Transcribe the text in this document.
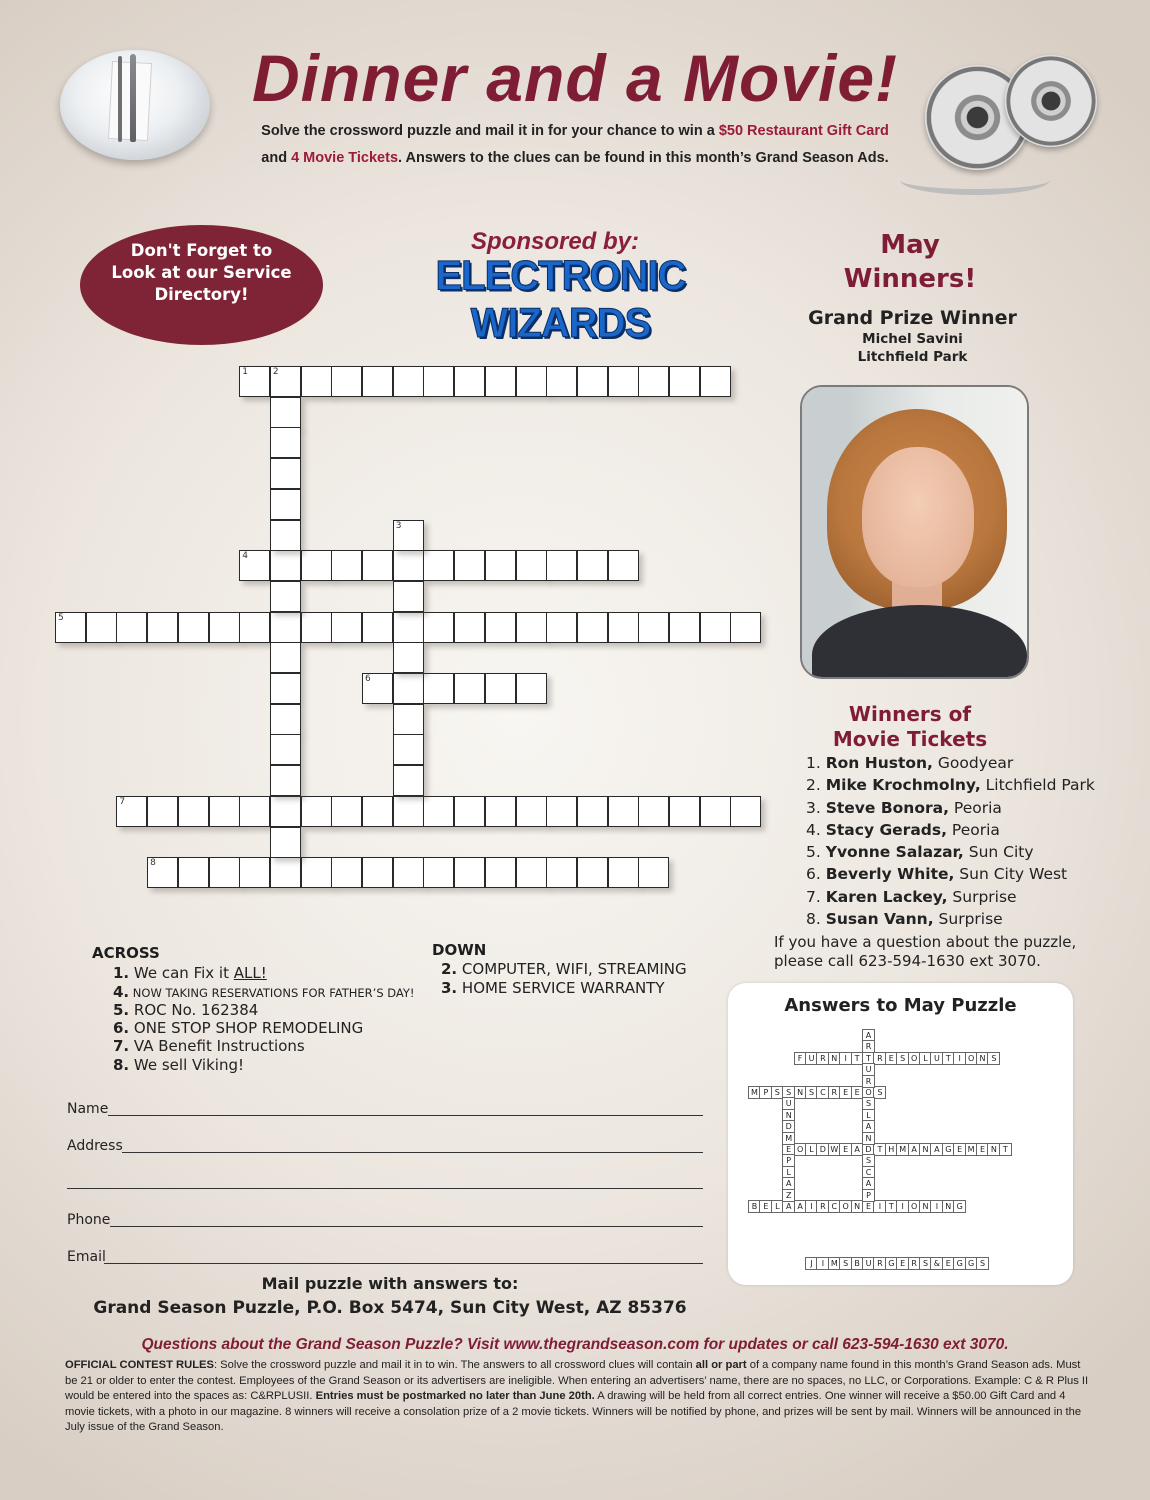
Dinner and a Movie!
Solve the crossword puzzle and mail it in for your chance to win a $50 Restaurant Gift Card
and 4 Movie Tickets. Answers to the clues can be found in this month’s Grand Season Ads.
Don't Forget to
Look at our Service
Directory!
Sponsored by:
ELECTRONIC WIZARDS
May
Winners!
Grand Prize Winner
Michel Savini
Litchfield Park
Winners of
Movie Tickets
1. Ron Huston, Goodyear
2. Mike Krochmolny, Litchfield Park
3. Steve Bonora, Peoria
4. Stacy Gerads, Peoria
5. Yvonne Salazar, Sun City
6. Beverly White, Sun City West
7. Karen Lackey, Surprise
8. Susan Vann, Surprise
If you have a question about the puzzle,
please call 623-594-1630 ext 3070.
1	2
4
5
6
7
8
3
ACROSS
1. We can Fix it ALL!
4. NOW TAKING RESERVATIONS FOR FATHER’S DAY!
5. ROC No. 162384
6. ONE STOP SHOP REMODELING
7. VA Benefit Instructions
8. We sell Viking!
DOWN
2. COMPUTER, WIFI, STREAMING
3. HOME SERVICE WARRANTY
Name
Address
Phone
Email
Mail puzzle with answers to:
Grand Season Puzzle, P.O. Box 5474, Sun City West, AZ 85376
Answers to May Puzzle
F U R N I T T R E S O L U T I O N S
M P S S N S C R E E O S
E O L D W E A D T H M A N A G E M E N T
B E L A A I R C O N E I T I O N I N G
J	I M S B U R G E R S & E G G S
A
R
U
R
S
L
A
N
S
C
A
P
U
N
D
M
P
L
A
Z
Questions about the Grand Season Puzzle? Visit www.thegrandseason.com for updates or call 623-594-1630 ext 3070.
OFFICIAL CONTEST RULES: Solve the crossword puzzle and mail it in to win. The answers to all crossword clues will contain all or part of a company name found in this month’s Grand Season ads. Must be 21 or older to enter the contest. Employees of the Grand Season or its advertisers are ineligible. When entering an advertisers’ name, there are no spaces, no LLC, or Corporations. Example: C & R Plus II would be entered into the spaces as: C&RPLUSII. Entries must be postmarked no later than June 20th. A drawing will be held from all correct entries. One winner will receive a $50.00 Gift Card and 4 movie tickets, with a photo in our magazine. 8 winners will receive a consolation prize of a 2 movie tickets. Winners will be notified by phone, and prizes will be sent by mail. Winners will be announced in the July issue of the Grand Season.
